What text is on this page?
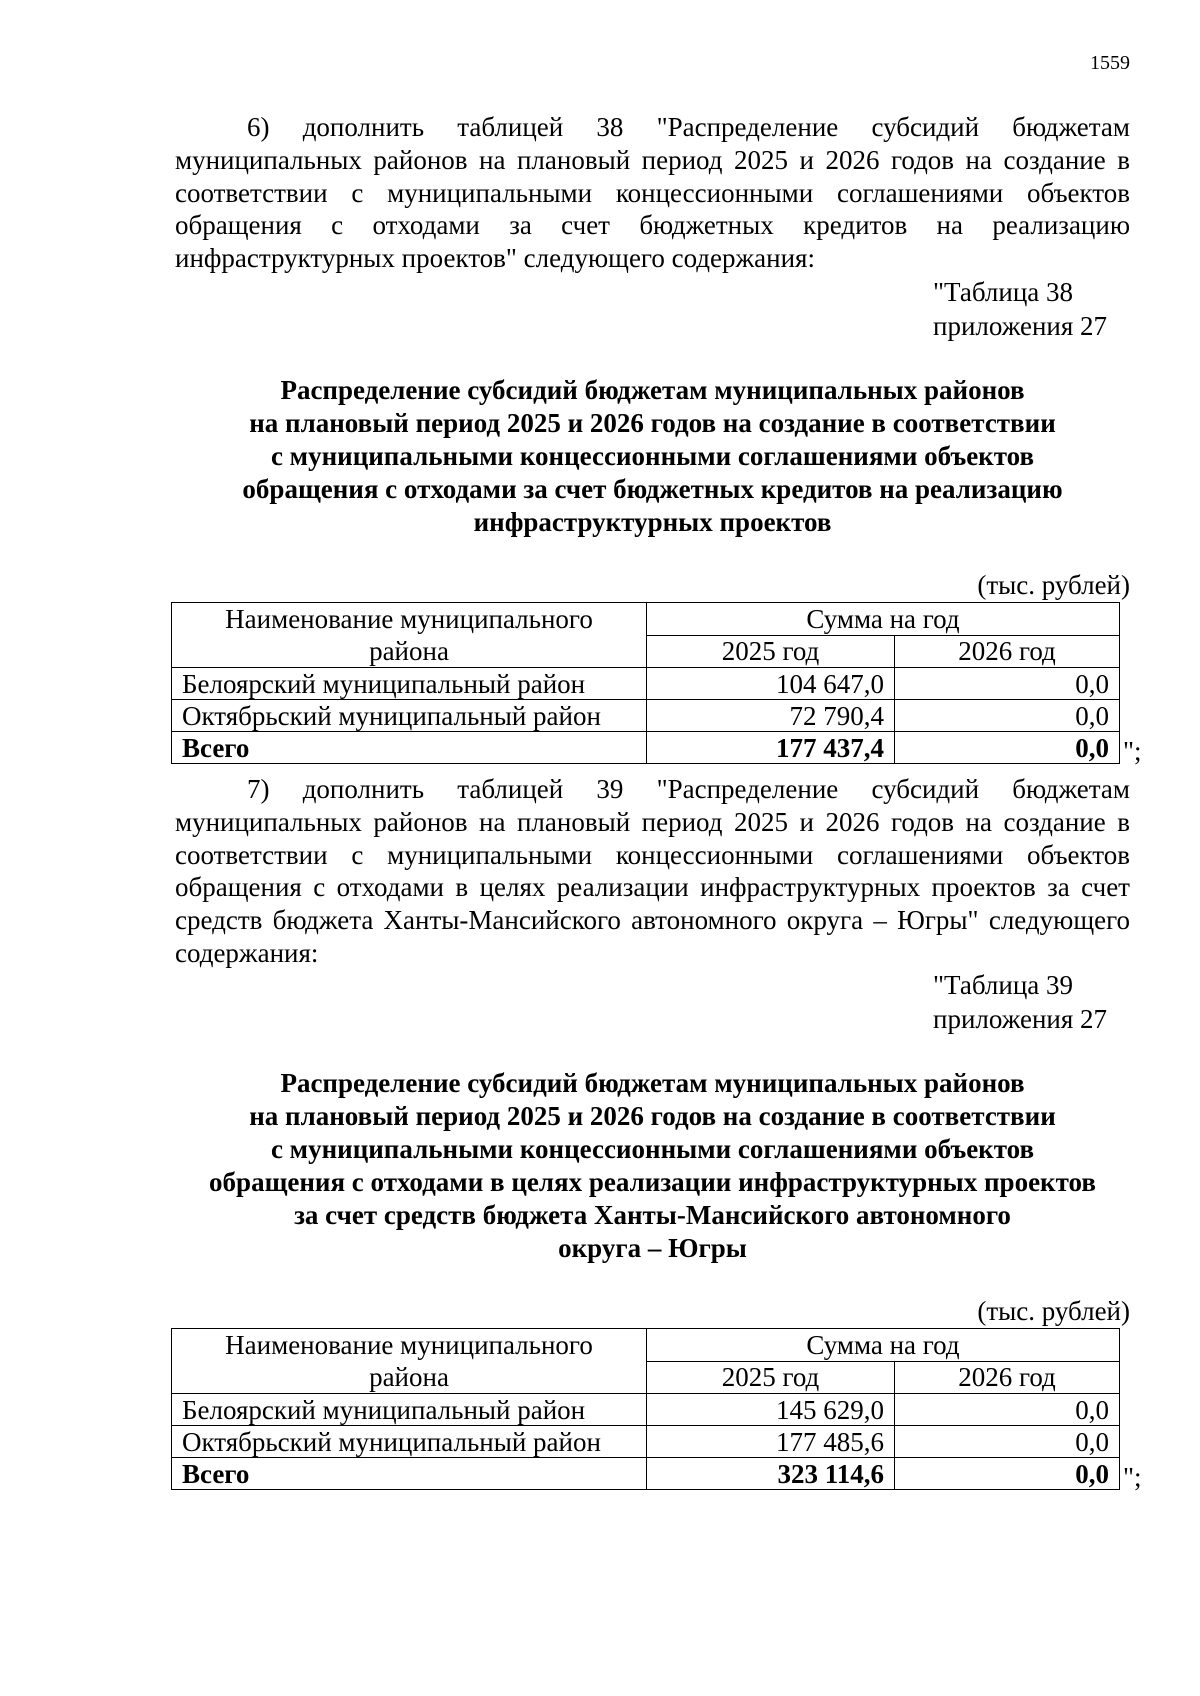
1559

6) дополнить таблицей 38 "Распределение субсидий бюджетам муниципальных районов на плановый период 2025 и 2026 годов на создание в соответствии с муниципальными концессионными соглашениями объектов обращения с отходами за счет бюджетных кредитов на реализацию инфраструктурных проектов" следующего содержания:

"Таблица 38
приложения 27

Распределение субсидий бюджетам муниципальных районов
на плановый период 2025 и 2026 годов на создание в соответствии
с муниципальными концессионными соглашениями объектов
обращения с отходами за счет бюджетных кредитов на реализацию
инфраструктурных проектов
(тыс. рублей)
Наименование муниципального района	Сумма на год	
	2025 год	2026 год
Белоярский муниципальный район	104 647,0	0,0
Октябрьский муниципальный район	72 790,4	0,0
Всего	177 437,4	0,0 ";

7) дополнить таблицей 39 "Распределение субсидий бюджетам муниципальных районов на плановый период 2025 и 2026 годов на создание в соответствии с муниципальными концессионными соглашениями объектов обращения с отходами в целях реализации инфраструктурных проектов за счет средств бюджета Ханты-Мансийского автономного округа – Югры" следующего содержания:

"Таблица 39
приложения 27

Распределение субсидий бюджетам муниципальных районов
на плановый период 2025 и 2026 годов на создание в соответствии
с муниципальными концессионными соглашениями объектов
обращения с отходами в целях реализации инфраструктурных проектов
за счет средств бюджета Ханты-Мансийского автономного
округа – Югры
(тыс. рублей)
Наименование муниципального района	Сумма на год	
	2025 год	2026 год
Белоярский муниципальный район	145 629,0	0,0
Октябрьский муниципальный район	177 485,6	0,0
Всего	323 114,6	0,0 ";
